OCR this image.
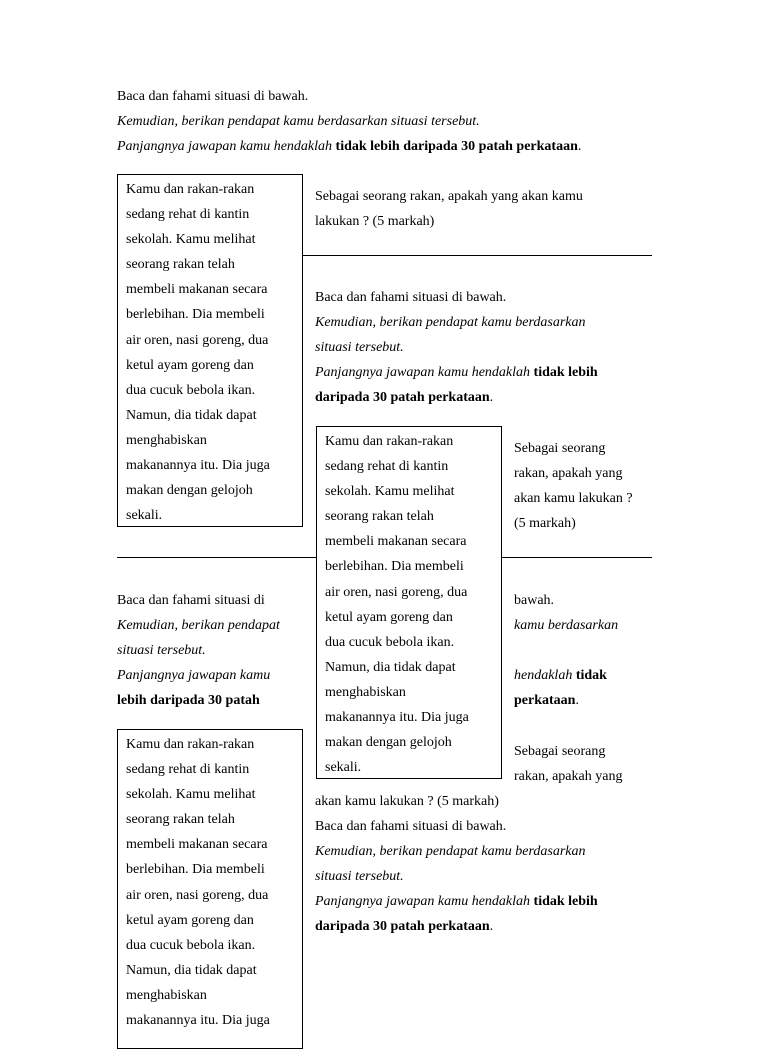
Baca dan fahami situasi di bawah.

Kemudian, berikan pendapat kamu berdasarkan situasi tersebut.

Panjangnya jawapan kamu hendaklah tidak lebih daripada 30 patah perkataan.

Kamu dan rakan-rakan

sedang rehat di kantin

sekolah. Kamu melihat

seorang rakan telah

membeli makanan secara

berlebihan. Dia membeli

air oren, nasi goreng, dua

ketul ayam goreng dan

dua cucuk bebola ikan.

Namun, dia tidak dapat

menghabiskan

makanannya itu. Dia juga

makan dengan gelojoh

sekali.

Sebagai seorang rakan, apakah yang akan kamu

lakukan ? (5 markah)

Baca dan fahami situasi di bawah.

Kemudian, berikan pendapat kamu berdasarkan

situasi tersebut.

Panjangnya jawapan kamu hendaklah tidak lebih

daripada 30 patah perkataan.

Kamu dan rakan-rakan

sedang rehat di kantin

sekolah. Kamu melihat

seorang rakan telah

membeli makanan secara

berlebihan. Dia membeli

air oren, nasi goreng, dua

ketul ayam goreng dan

dua cucuk bebola ikan.

Namun, dia tidak dapat

menghabiskan

makanannya itu. Dia juga

makan dengan gelojoh

sekali.

Sebagai seorang

rakan, apakah yang

akan kamu lakukan ?

(5 markah)

Baca dan fahami situasi di

Kemudian, berikan pendapat

situasi tersebut.

Panjangnya jawapan kamu

lebih daripada 30 patah

bawah.

kamu berdasarkan

hendaklah tidak

perkataan.

Sebagai seorang

rakan, apakah yang

Kamu dan rakan-rakan

sedang rehat di kantin

sekolah. Kamu melihat

seorang rakan telah

membeli makanan secara

berlebihan. Dia membeli

air oren, nasi goreng, dua

ketul ayam goreng dan

dua cucuk bebola ikan.

Namun, dia tidak dapat

menghabiskan

makanannya itu. Dia juga

akan kamu lakukan ? (5 markah)

Baca dan fahami situasi di bawah.

Kemudian, berikan pendapat kamu berdasarkan

situasi tersebut.

Panjangnya jawapan kamu hendaklah tidak lebih

daripada 30 patah perkataan.
